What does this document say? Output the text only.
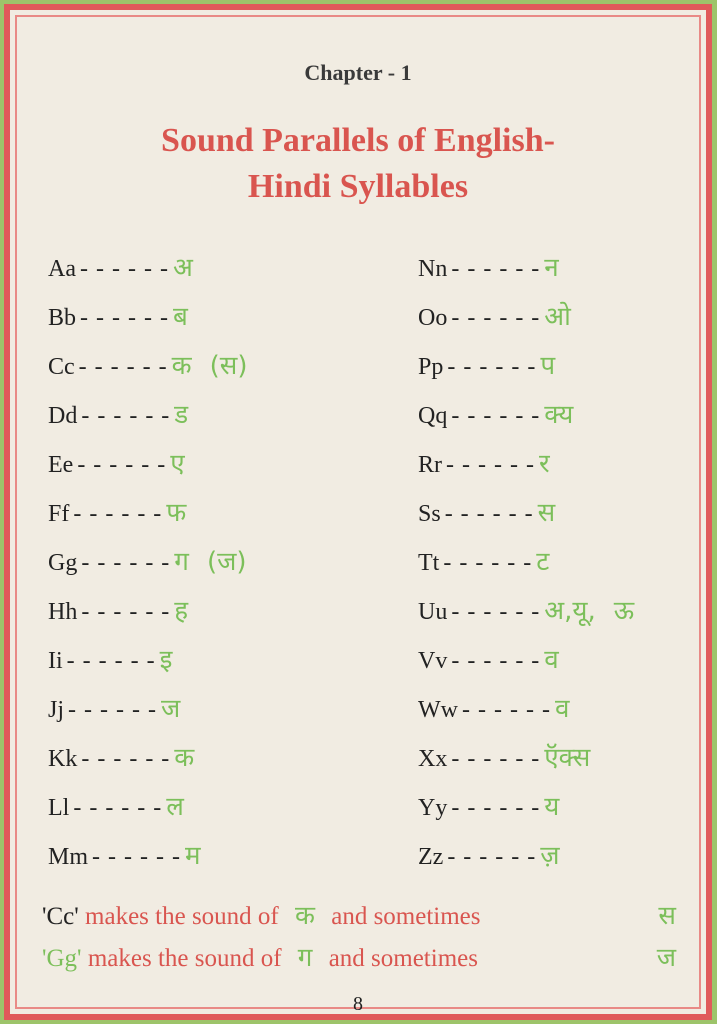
Chapter - 1
Sound Parallels of English-
Hindi Syllables
Aa - - - - - - अ
Bb - - - - - - ब
Cc - - - - - - क (स)
Dd - - - - - - ड
Ee - - - - - - ए
Ff - - - - - - फ
Gg - - - - - - ग (ज)
Hh - - - - - - ह
Ii - - - - - - इ
Jj - - - - - - ज
Kk - - - - - - क
Ll - - - - - - ल
Mm - - - - - - म
Nn - - - - - - न
Oo - - - - - - ओ
Pp - - - - - - प
Qq - - - - - - क्य
Rr - - - - - - र
Ss - - - - - - स
Tt - - - - - - ट
Uu - - - - - - अ,यू, ऊ
Vv - - - - - - व
Ww - - - - - - व
Xx - - - - - - ऍक्स
Yy - - - - - - य
Zz - - - - - - ज़
'Cc' makes the sound of क and sometimes	स
'Gg' makes the sound of ग and sometimes	ज
8
